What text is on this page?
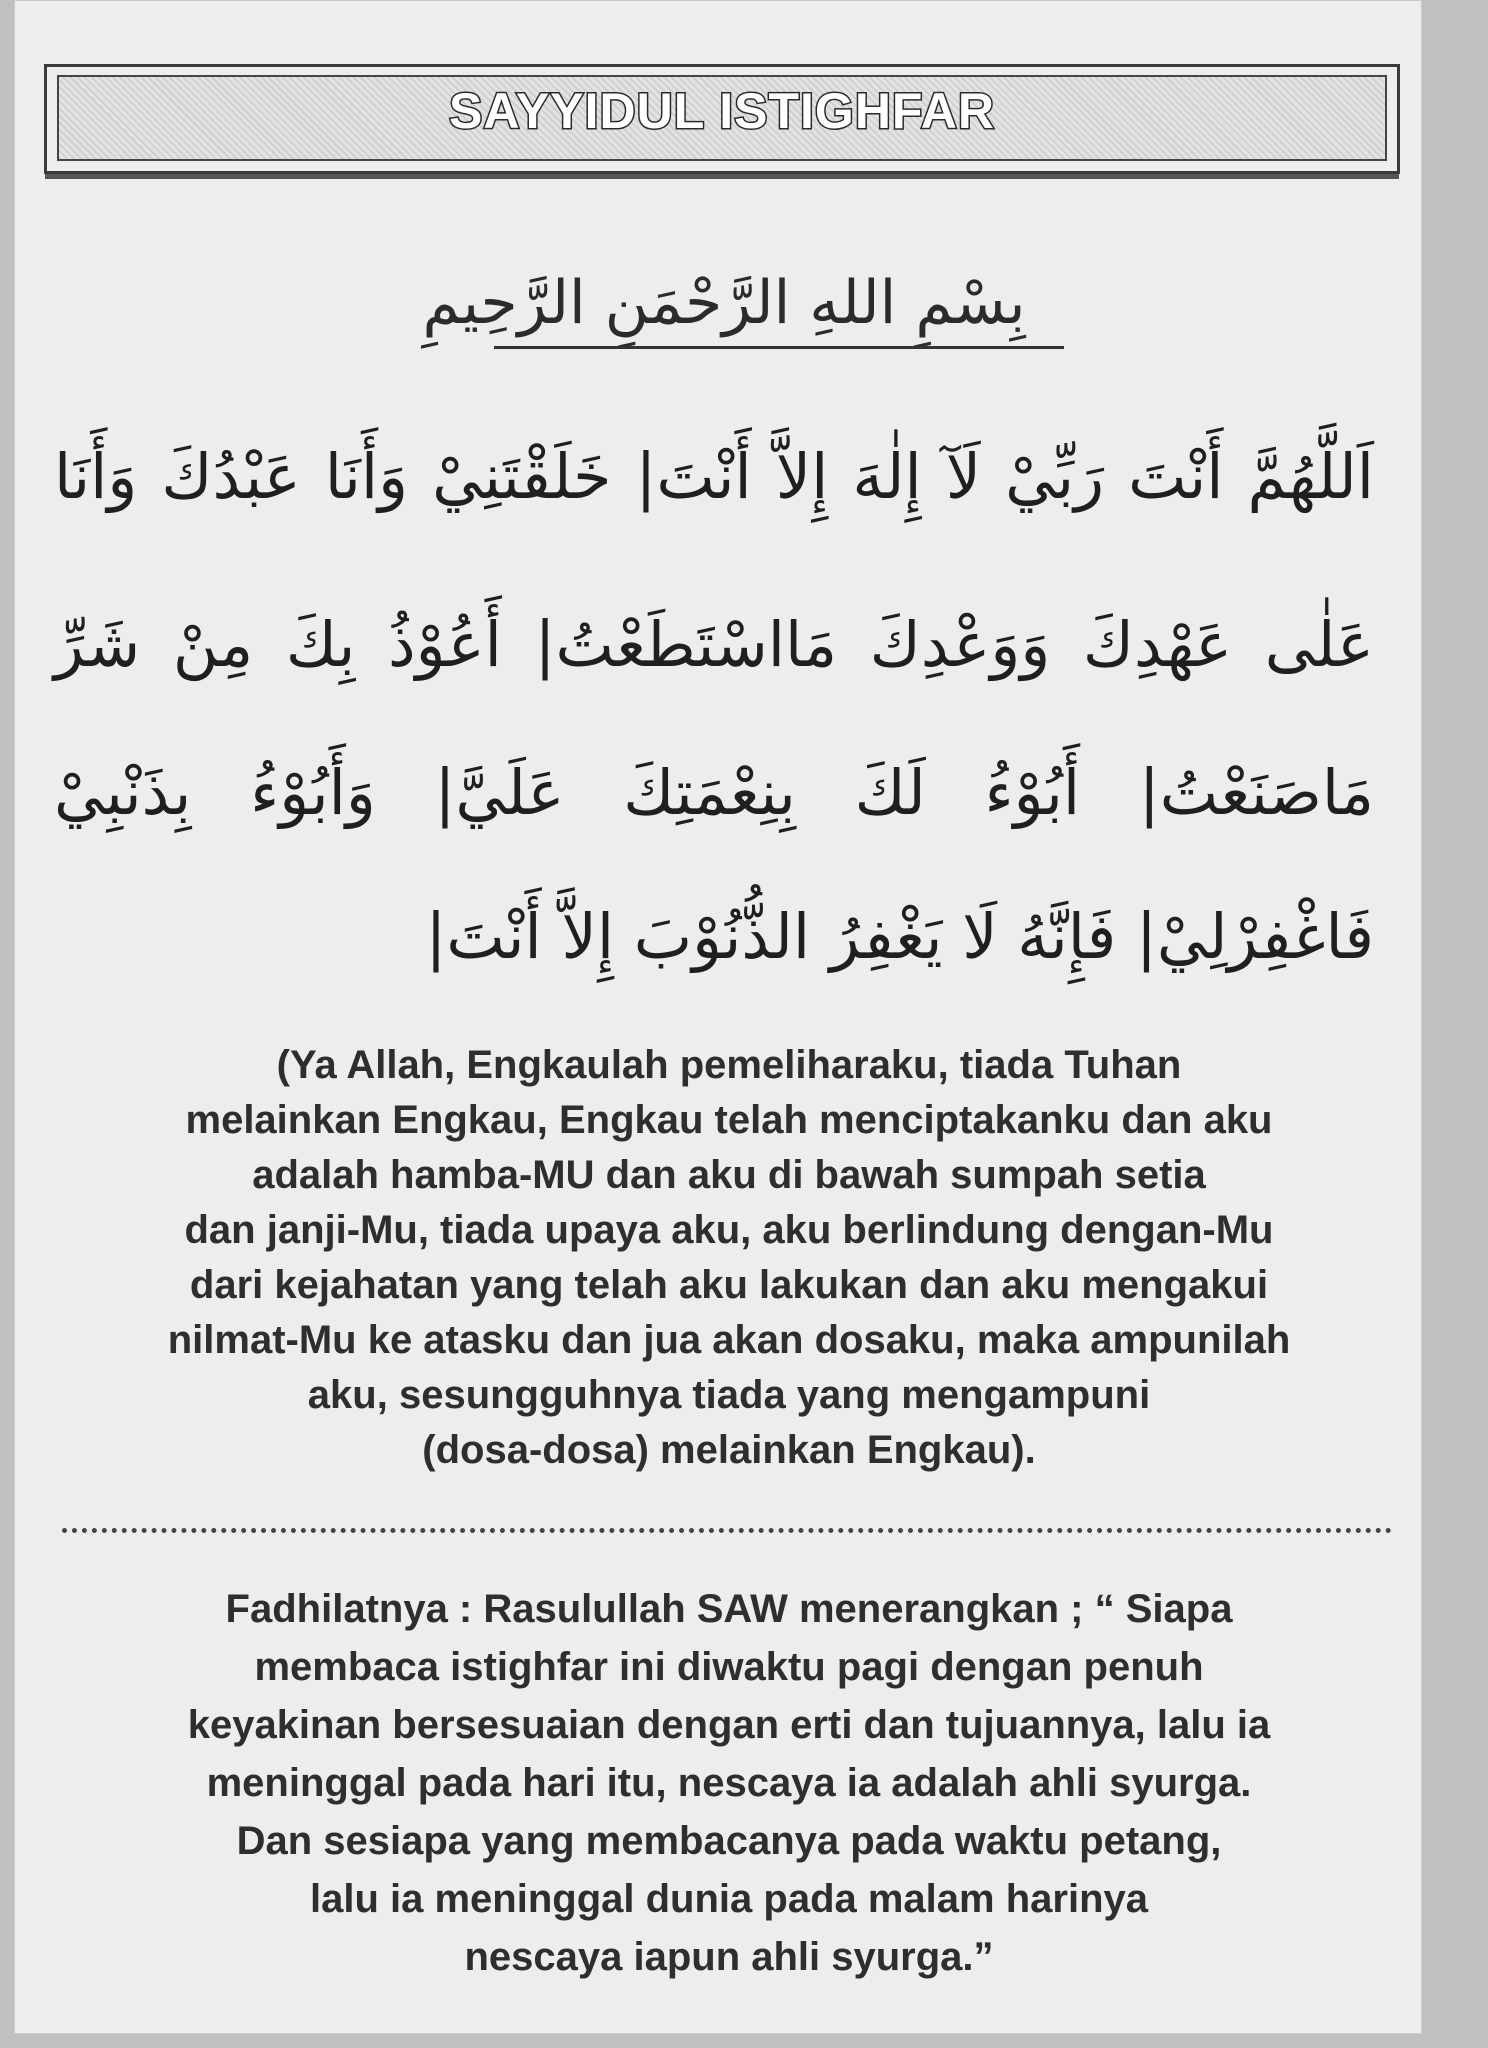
SAYYIDUL ISTIGHFAR
بِسْمِ اللهِ الرَّحْمَنِ الرَّحِيمِ
اَللَّهُمَّ أَنْتَ رَبِّيْ لَآ إِلٰهَ إِلاَّ أَنْتَ| خَلَقْتَنِيْ وَأَنَا عَبْدُكَ وَأَنَا
عَلٰى عَهْدِكَ وَوَعْدِكَ مَااسْتَطَعْتُ| أَعُوْذُ بِكَ مِنْ شَرِّ
مَاصَنَعْتُ| أَبُوْءُ لَكَ بِنِعْمَتِكَ عَلَيَّ| وَأَبُوْءُ بِذَنْبِيْ
فَاغْفِرْلِيْ| فَإِنَّهُ لَا يَغْفِرُ الذُّنُوْبَ إِلاَّ أَنْتَ|
(Ya Allah, Engkaulah pemeliharaku, tiada Tuhan
melainkan Engkau, Engkau telah menciptakanku dan aku
adalah hamba-MU dan aku di bawah sumpah setia
dan janji-Mu, tiada upaya aku, aku berlindung dengan-Mu
dari kejahatan yang telah aku lakukan dan aku mengakui
nilmat-Mu ke atasku dan jua akan dosaku, maka ampunilah
aku, sesungguhnya tiada yang mengampuni
(dosa-dosa) melainkan Engkau).
Fadhilatnya : Rasulullah SAW menerangkan ; “ Siapa
membaca istighfar ini diwaktu pagi dengan penuh
keyakinan bersesuaian dengan erti dan tujuannya, lalu ia
meninggal pada hari itu, nescaya ia adalah ahli syurga.
Dan sesiapa yang membacanya pada waktu petang,
lalu ia meninggal dunia pada malam harinya
nescaya iapun ahli syurga.”
